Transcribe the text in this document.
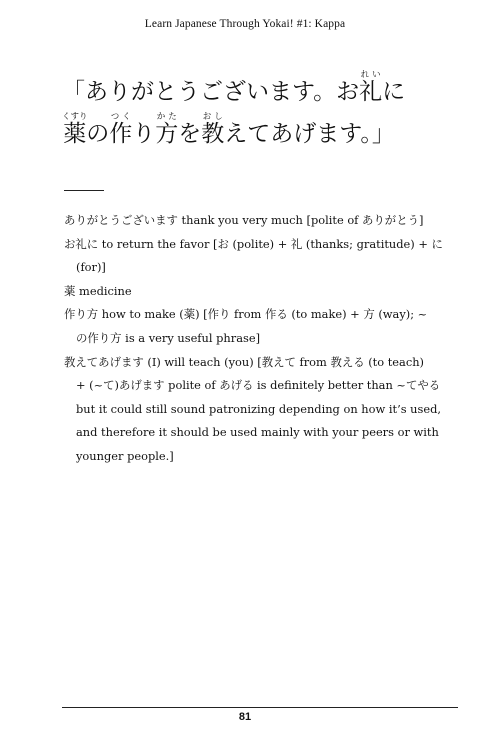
Learn Japanese Through Yokai! #1: Kappa
「ありがとうございます。お礼れいに
薬くすりの作つくり方かたを教おしえてあげます。」
ありがとうございます thank you very much [polite of ありがとう]
お礼に to return the favor [お (polite) + 礼 (thanks; gratitude) + に
(for)]
薬 medicine
作り方 how to make (薬) [作り from 作る (to make) + 方 (way); ~
の作り方 is a very useful phrase]
教えてあげます (I) will teach (you) [教えて from 教える (to teach)
+ (~て)あげます polite of あげる is definitely better than ~てやる
but it could still sound patronizing depending on how it’s used,
and therefore it should be used mainly with your peers or with
younger people.]
81
